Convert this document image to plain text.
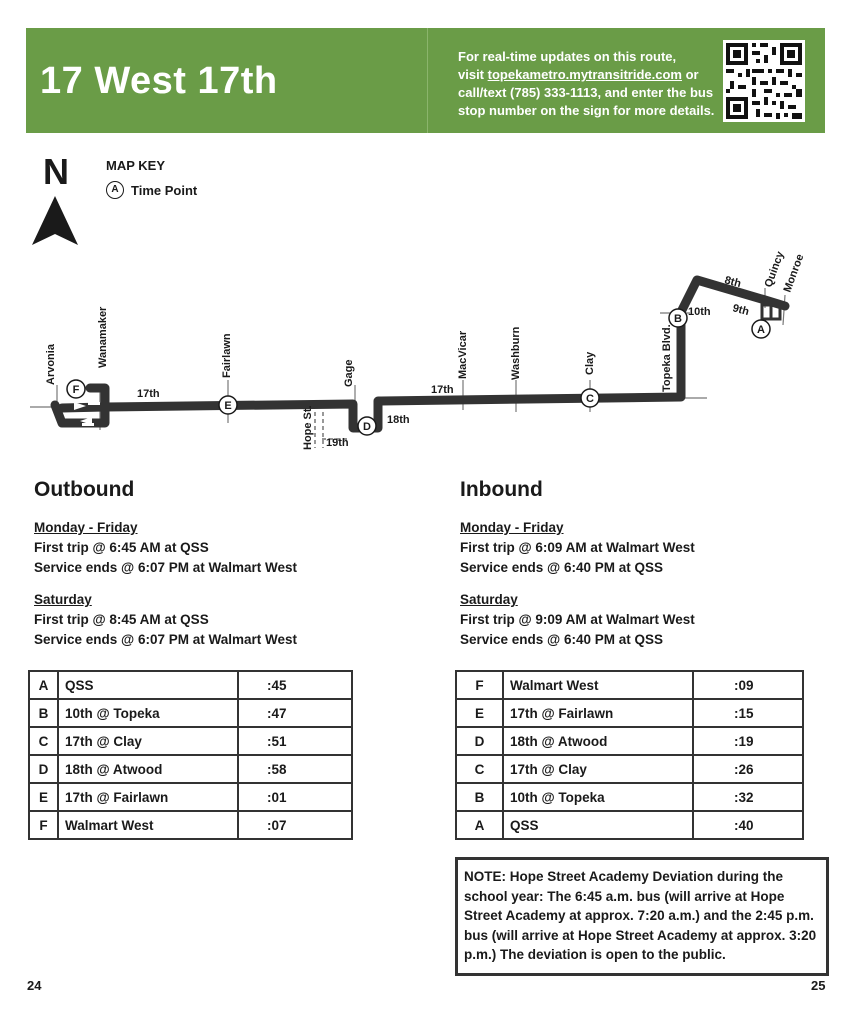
17 West 17th
For real-time updates on this route,
visit topekametro.mytransitride.com or
call/text (785) 333-1113, and enter the bus
stop number on the sign for more details.
N	MAP KEY
A Time Point
Arvonia	Wanamaker	Fairlawn	Gage	MacVicar	Washburn	Clay	Topeka Blvd.
Quincy
Monroe
17th	17th
18th
19th
Hope St.
10th
8th
9th
F
E
D
C
B
A
Outbound
Monday - Friday
First trip @ 6:45 AM at QSS
Service ends @ 6:07 PM at Walmart West
Saturday
First trip @ 8:45 AM at QSS
Service ends @ 6:07 PM at Walmart West
A	QSS	:45
B	10th @ Topeka	:47
C	17th @ Clay	:51
D	18th @ Atwood	:58
E	17th @ Fairlawn	:01
F	Walmart West	:07
Inbound
Monday - Friday
First trip @ 6:09 AM at Walmart West
Service ends @ 6:40 PM at QSS
Saturday
First trip @ 9:09 AM at Walmart West
Service ends @ 6:40 PM at QSS
F	Walmart West	:09
E	17th @ Fairlawn	:15
D	18th @ Atwood	:19
C	17th @ Clay	:26
B	10th @ Topeka	:32
A	QSS	:40
NOTE: Hope Street Academy Deviation during the school year: The 6:45 a.m. bus (will arrive at Hope Street Academy at approx. 7:20 a.m.) and the 2:45 p.m. bus (will arrive at Hope Street Academy at approx. 3:20 p.m.) The deviation is open to the public.
24	25
